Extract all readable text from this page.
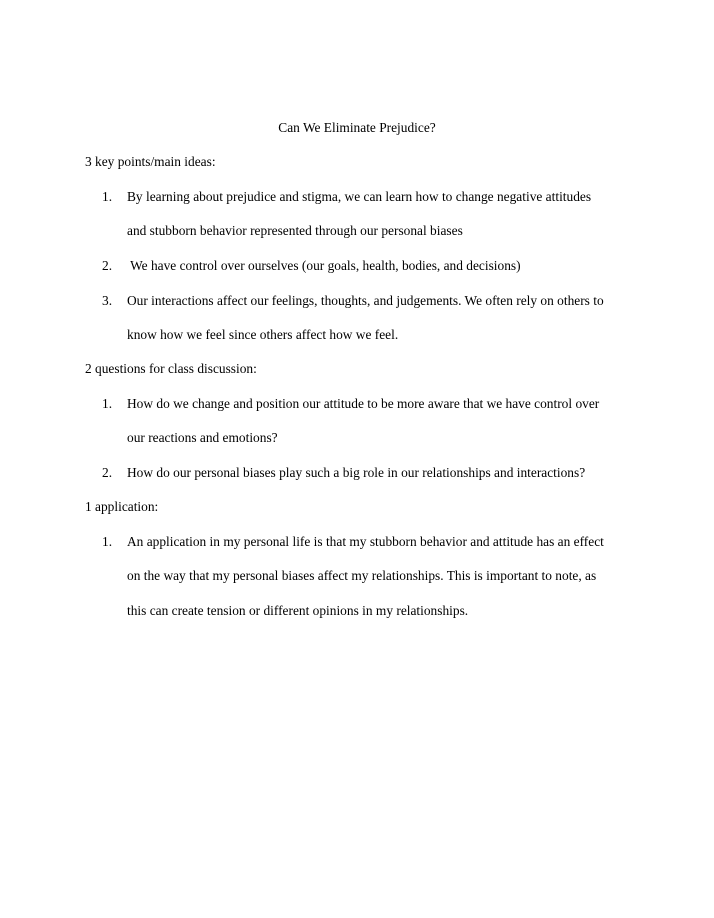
Can We Eliminate Prejudice?
3 key points/main ideas:
1. By learning about prejudice and stigma, we can learn how to change negative attitudes
and stubborn behavior represented through our personal biases
2. We have control over ourselves (our goals, health, bodies, and decisions)
3. Our interactions affect our feelings, thoughts, and judgements. We often rely on others to
know how we feel since others affect how we feel.
2 questions for class discussion:
1. How do we change and position our attitude to be more aware that we have control over
our reactions and emotions?
2. How do our personal biases play such a big role in our relationships and interactions?
1 application:
1. An application in my personal life is that my stubborn behavior and attitude has an effect
on the way that my personal biases affect my relationships. This is important to note, as
this can create tension or different opinions in my relationships.
